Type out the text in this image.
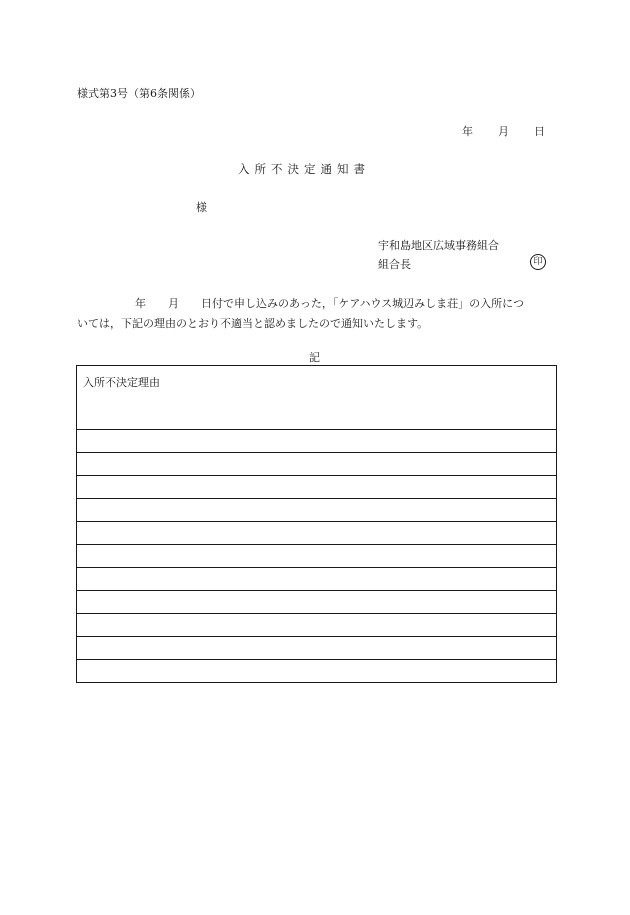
様式第3号（第6条関係）
年 月 日
入所不決定通知書
様
宇和島地区広域事務組合
組合長	印
年　　月　　日付で申し込みのあった，「ケアハウス城辺みしま荘」の入所につ
いては，下記の理由のとおり不適当と認めましたので通知いたします。
記
入所不決定理由
